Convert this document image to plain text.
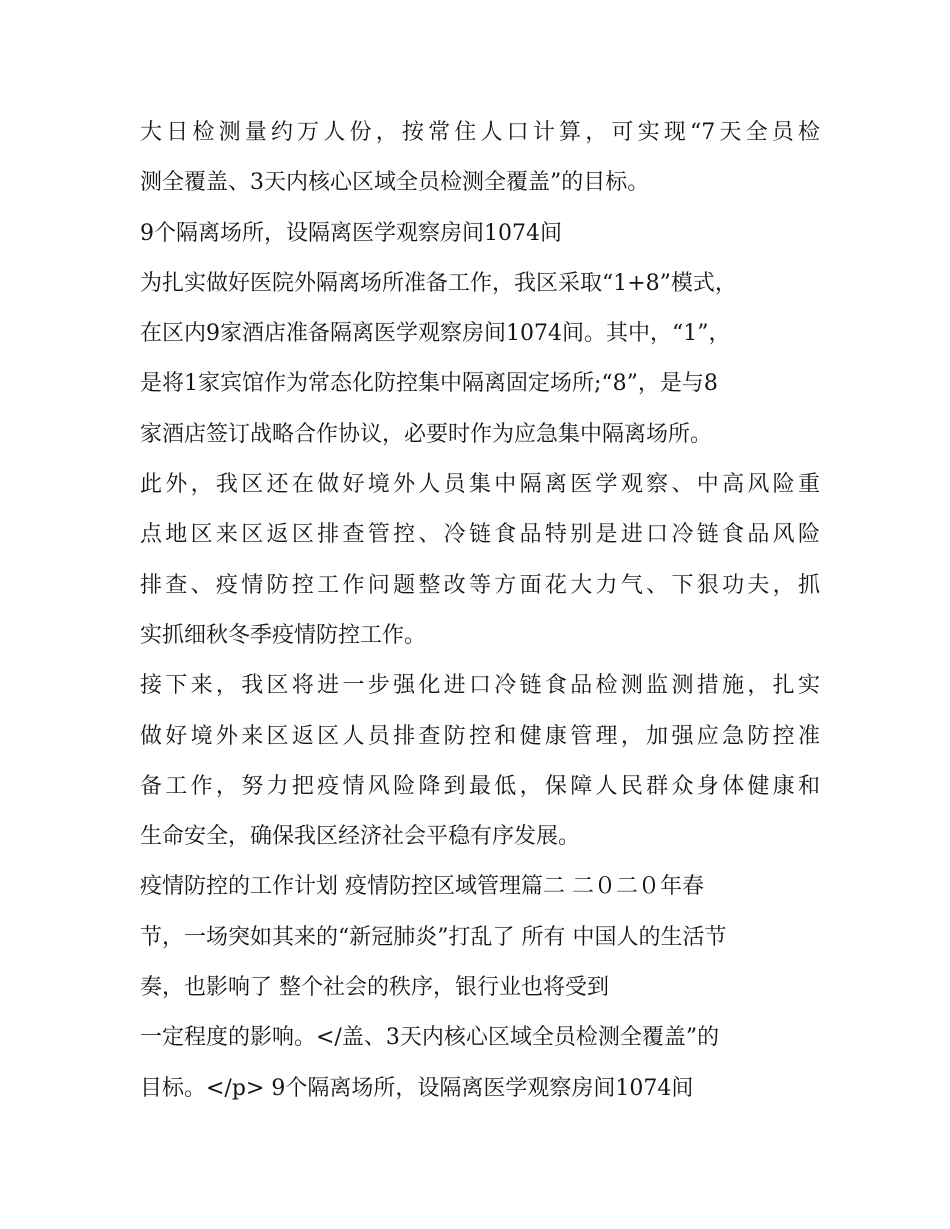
大日检测量约万人份，按常住人口计算，可实现“7天全员检
测全覆盖、3天内核心区域全员检测全覆盖”的目标。
9个隔离场所，设隔离医学观察房间1074间
为扎实做好医院外隔离场所准备工作，我区采取“1+8”模式，
在区内9家酒店准备隔离医学观察房间1074间。其中，“1”，
是将1家宾馆作为常态化防控集中隔离固定场所;“8”，是与8
家酒店签订战略合作协议，必要时作为应急集中隔离场所。
此外，我区还在做好境外人员集中隔离医学观察、中高风险重
点地区来区返区排查管控、冷链食品特别是进口冷链食品风险
排查、疫情防控工作问题整改等方面花大力气、下狠功夫，抓
实抓细秋冬季疫情防控工作。
接下来，我区将进一步强化进口冷链食品检测监测措施，扎实
做好境外来区返区人员排查防控和健康管理，加强应急防控准
备工作，努力把疫情风险降到最低，保障人民群众身体健康和
生命安全，确保我区经济社会平稳有序发展。
疫情防控的工作计划 疫情防控区域管理篇二 二０二０年春
节，一场突如其来的“新冠肺炎”打乱了 所有 中国人的生活节
奏，也影响了 整个社会的秩序，银行业也将受到
一定程度的影响。</盖、3天内核心区域全员检测全覆盖”的
目标。</p> 9个隔离场所，设隔离医学观察房间1074间
